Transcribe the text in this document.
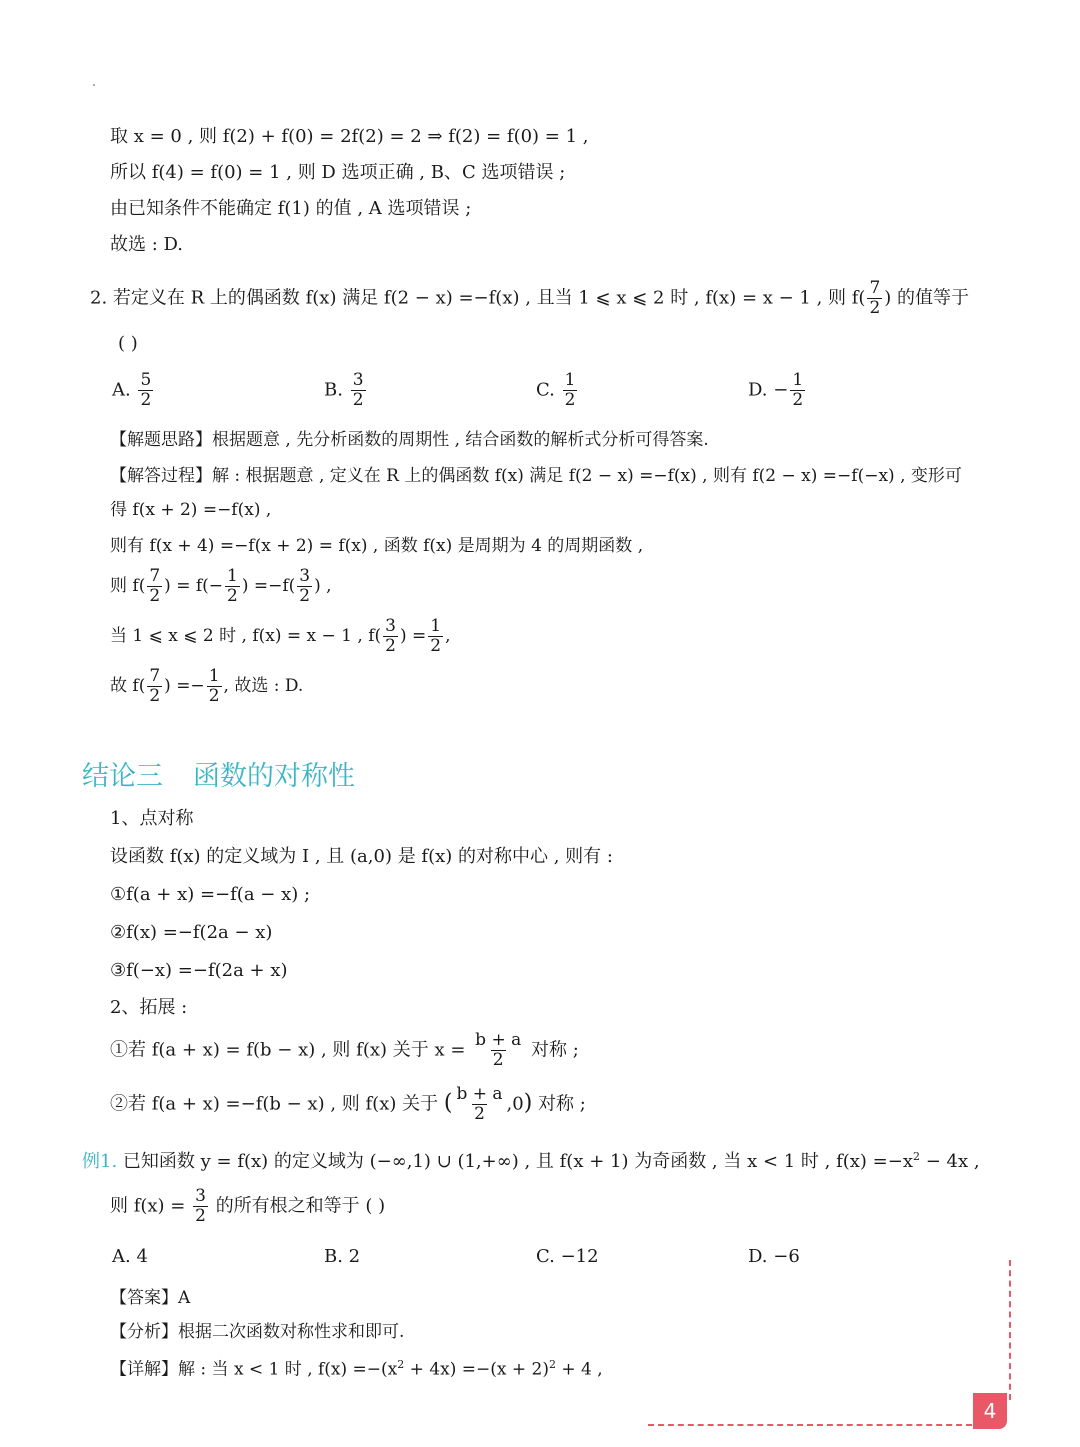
取 x = 0 , 则 f(2) + f(0) = 2f(2) = 2 ⇒ f(2) = f(0) = 1 ,
所以 f(4) = f(0) = 1 , 则 D 选项正确 , B、C 选项错误 ;
由已知条件不能确定 f(1) 的值 , A 选项错误 ;
故选 : D.
2. 若定义在 R 上的偶函数 f(x) 满足 f(2 − x) =−f(x) , 且当 1 ⩽ x ⩽ 2 时 , f(x) = x − 1 , 则 $f( \frac{7}{2}$ ) 的值等于
( )
A. $\frac{5}{2}$	B. $\frac{3}{2}$	C. $\frac{1}{2}$	D. − $\frac{1}{2}$
【解题思路】根据题意 , 先分析函数的周期性 , 结合函数的解析式分析可得答案.
【解答过程】解 : 根据题意 , 定义在 R 上的偶函数 f(x) 满足 f(2 − x) =−f(x) , 则有 f(2 − x) =−f(−x) , 变形可
得 f(x + 2) =−f(x) ,
则有 f(x + 4) =−f(x + 2) = f(x) , 函数 f(x) 是周期为 4 的周期函数 ,
则 $f( \frac{7}{2}$ ) = $f(- \frac{1}{2}$ ) $=-f( \frac{3}{2}$ ) ,
当 1 ⩽ x ⩽ 2 时 , f(x) = x − 1 , $f( \frac{3}{2}$ ) = $\frac{1}{2}$ ,
故 $f( \frac{7}{2}$ ) =− $\frac{1}{2}$ , 故选 : D.
结论三 函数的对称性
1、点对称
设函数 f(x) 的定义域为 I , 且 (a,0) 是 f(x) 的对称中心 , 则有 :
①f(a + x) =−f(a − x) ;
②f(x) =−f(2a − x)
③f(−x) =−f(2a + x)
2、拓展 :
①若 f(a + x) = f(b − x) , 则 f(x) 关于 $x = \frac{b + a}{2}$ 对称 ;
②若 f(a + x) =−f(b − x) , 则 f(x) 关于 ( $\frac{b + a}{2} ,0$) 对称 ;
例1. 已知函数 y = f(x) 的定义域为 (−∞,1) ∪ (1,+∞) , 且 f(x + 1) 为奇函数 , 当 x < 1 时 , $f(x) =-x^2 - 4x$ ,
则 $f(x) = \frac{3}{2}$ 的所有根之和等于 ( )
A. 4	B. 2	C. −12	D. −6
【答案】A
【分析】根据二次函数对称性求和即可.
【详解】解 : 当 x < 1 时 , $f(x) =-(x^2 + 4x) =-(x + 2)^2 + 4$ ,
4
